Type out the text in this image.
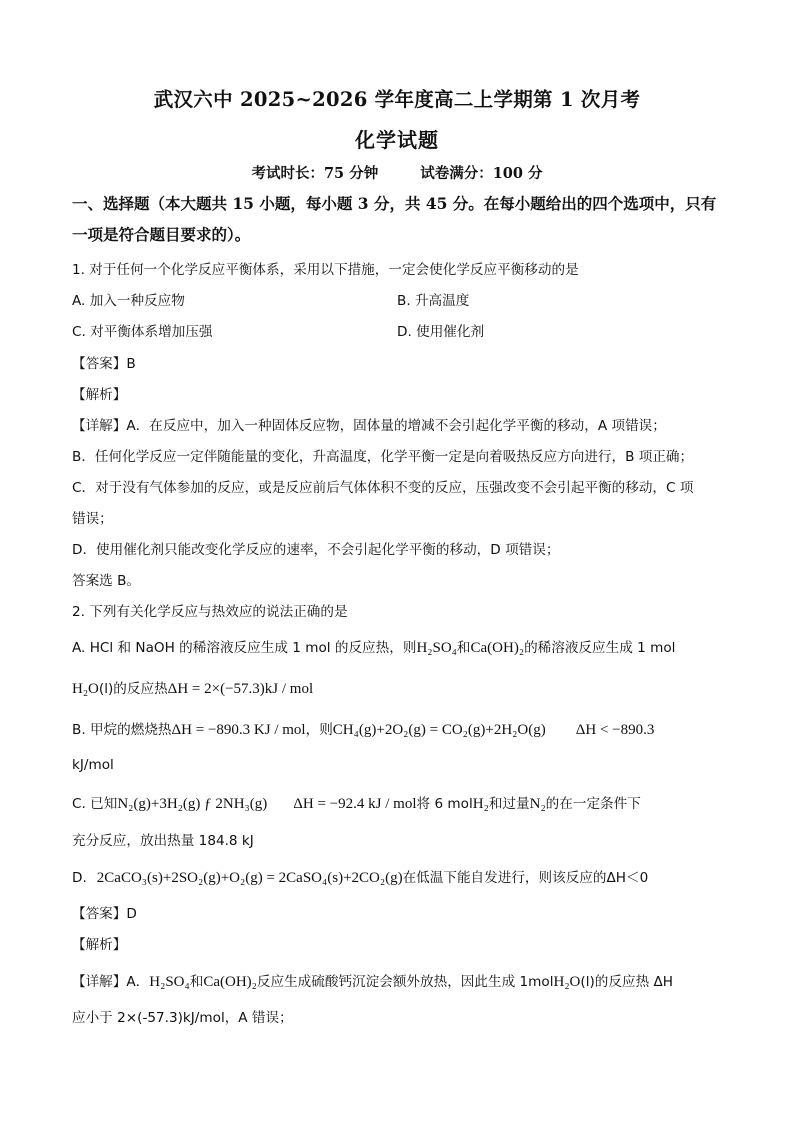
武汉六中 2025~2026 学年度高二上学期第 1 次月考
化学试题
考试时长：75 分钟	试卷满分：100 分
一、选择题（本大题共 15 小题，每小题 3 分，共 45 分。在每小题给出的四个选项中，只有
一项是符合题目要求的）。
1. 对于任何一个化学反应平衡体系，采用以下措施，一定会使化学反应平衡移动的是
A. 加入一种反应物	B. 升高温度
C. 对平衡体系增加压强	D. 使用催化剂
【答案】B
【解析】
【详解】A．在反应中，加入一种固体反应物，固体量的增减不会引起化学平衡的移动，A 项错误；
B．任何化学反应一定伴随能量的变化，升高温度，化学平衡一定是向着吸热反应方向进行，B 项正确；
C．对于没有气体参加的反应，或是反应前后气体体积不变的反应，压强改变不会引起平衡的移动，C 项
错误；
D．使用催化剂只能改变化学反应的速率，不会引起化学平衡的移动，D 项错误；
答案选 B。
2. 下列有关化学反应与热效应的说法正确的是
A. HCl 和 NaOH 的稀溶液反应生成 1 mol 的反应热，则H₂SO₄和Ca(OH)₂的稀溶液反应生成 1 mol
H₂O(l)的反应热ΔH = 2×(−57.3)kJ / mol
B. 甲烷的燃烧热ΔH = −890.3 KJ / mol，则CH₄(g)+2O₂(g) = CO₂(g)+2H₂O(g) ΔH < −890.3
kJ/mol
C. 已知N₂(g)+3H₂(g) ƒ 2NH₃(g) ΔH = −92.4 kJ / mol将 6 molH₂和过量N₂的在一定条件下
充分反应，放出热量 184.8 kJ
D. 2CaCO₃(s)+2SO₂(g)+O₂(g) = 2CaSO₄(s)+2CO₂(g)在低温下能自发进行，则该反应的ΔH＜0
【答案】D
【解析】
【详解】A．H₂SO₄和Ca(OH)₂反应生成硫酸钙沉淀会额外放热，因此生成 1molH₂O(l)的反应热 ΔH
应小于 2×(-57.3)kJ/mol，A 错误；
